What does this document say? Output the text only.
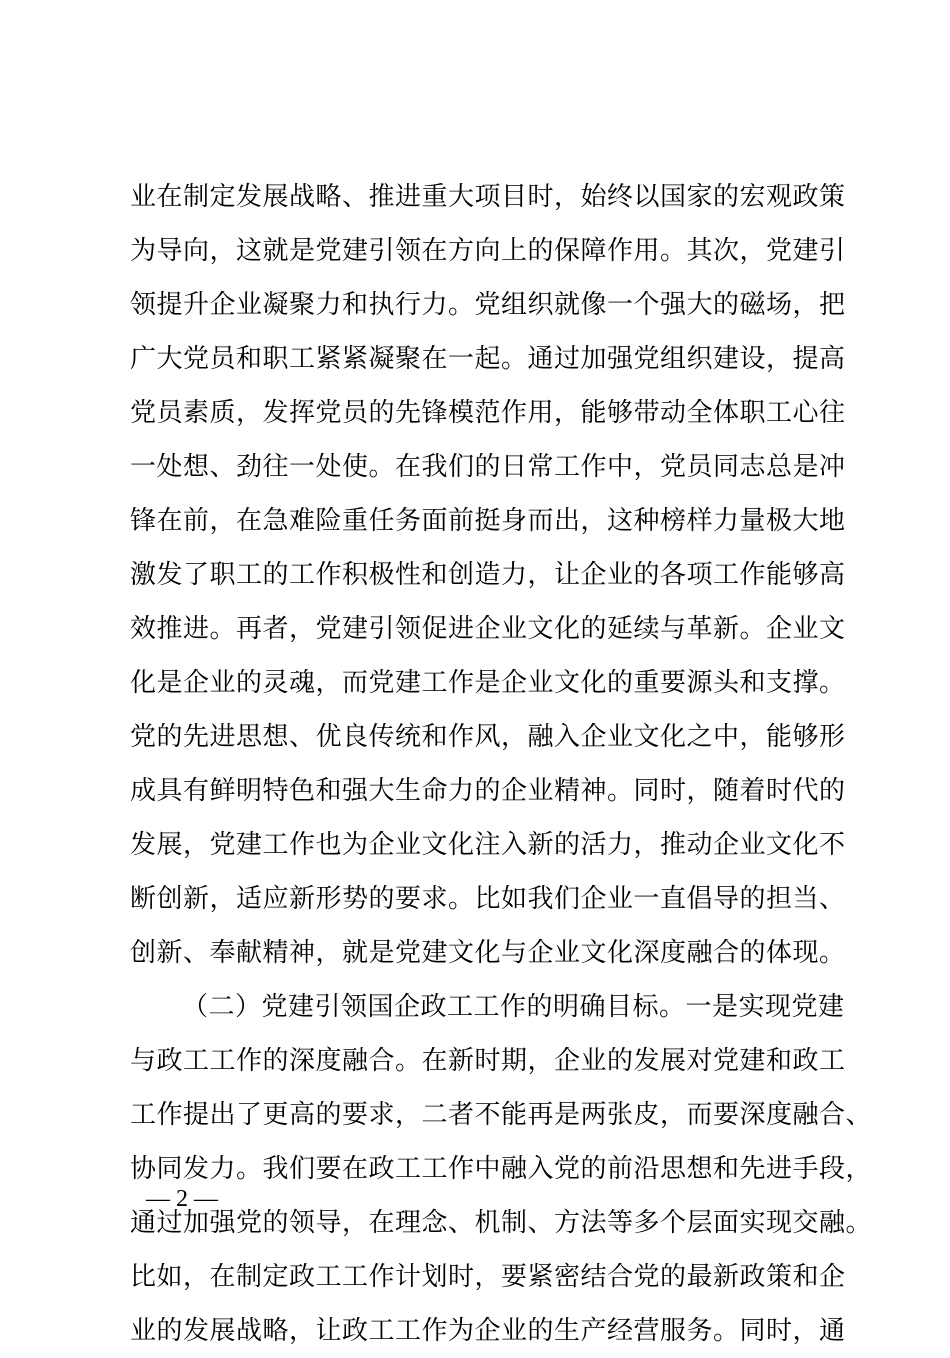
业在制定发展战略、推进重大项目时，始终以国家的宏观政策
为导向，这就是党建引领在方向上的保障作用。其次，党建引
领提升企业凝聚力和执行力。党组织就像一个强大的磁场，把
广大党员和职工紧紧凝聚在一起。通过加强党组织建设，提高
党员素质，发挥党员的先锋模范作用，能够带动全体职工心往
一处想、劲往一处使。在我们的日常工作中，党员同志总是冲
锋在前，在急难险重任务面前挺身而出，这种榜样力量极大地
激发了职工的工作积极性和创造力，让企业的各项工作能够高
效推进。再者，党建引领促进企业文化的延续与革新。企业文
化是企业的灵魂，而党建工作是企业文化的重要源头和支撑。
党的先进思想、优良传统和作风，融入企业文化之中，能够形
成具有鲜明特色和强大生命力的企业精神。同时，随着时代的
发展，党建工作也为企业文化注入新的活力，推动企业文化不
断创新，适应新形势的要求。比如我们企业一直倡导的担当、
创新、奉献精神，就是党建文化与企业文化深度融合的体现。
（二）党建引领国企政工工作的明确目标。一是实现党建
与政工工作的深度融合。在新时期，企业的发展对党建和政工
工作提出了更高的要求，二者不能再是两张皮，而要深度融合、
协同发力。我们要在政工工作中融入党的前沿思想和先进手段，
通过加强党的领导，在理念、机制、方法等多个层面实现交融。
比如，在制定政工工作计划时，要紧密结合党的最新政策和企
业的发展战略，让政工工作为企业的生产经营服务。同时，通
— 2 —
